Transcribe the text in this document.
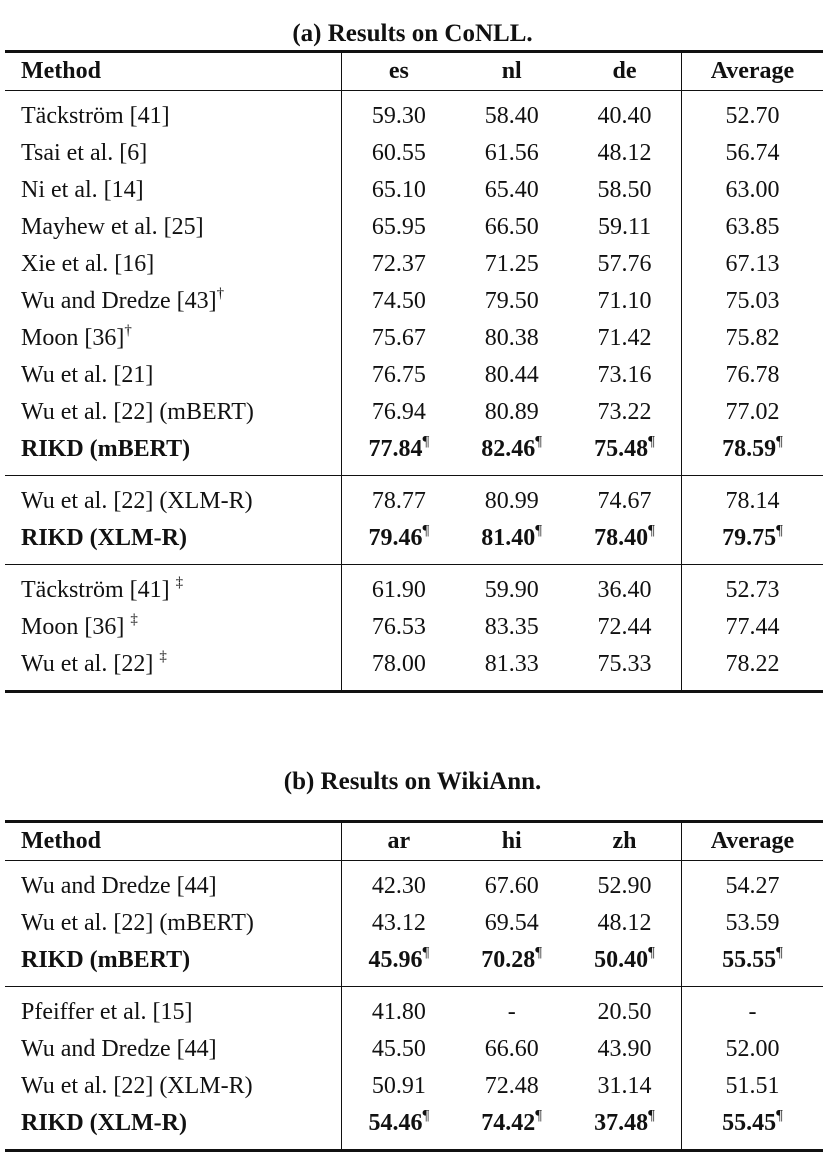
(a) Results on CoNLL.
Method	es	nl	de	Average
Täckström [41]	59.30	58.40	40.40	52.70
Tsai et al. [6]	60.55	61.56	48.12	56.74
Ni et al. [14]	65.10	65.40	58.50	63.00
Mayhew et al. [25]	65.95	66.50	59.11	63.85
Xie et al. [16]	72.37	71.25	57.76	67.13
Wu and Dredze [43]†	74.50	79.50	71.10	75.03
Moon [36]†	75.67	80.38	71.42	75.82
Wu et al. [21]	76.75	80.44	73.16	76.78
Wu et al. [22] (mBERT)	76.94	80.89	73.22	77.02
RIKD (mBERT)	77.84¶	82.46¶	75.48¶	78.59¶
Wu et al. [22] (XLM-R)	78.77	80.99	74.67	78.14
RIKD (XLM-R)	79.46¶	81.40¶	78.40¶	79.75¶
Täckström [41] ‡	61.90	59.90	36.40	52.73
Moon [36] ‡	76.53	83.35	72.44	77.44
Wu et al. [22] ‡	78.00	81.33	75.33	78.22
(b) Results on WikiAnn.
Method	ar	hi	zh	Average
Wu and Dredze [44]	42.30	67.60	52.90	54.27
Wu et al. [22] (mBERT)	43.12	69.54	48.12	53.59
RIKD (mBERT)	45.96¶	70.28¶	50.40¶	55.55¶
Pfeiffer et al. [15]	41.80	-	20.50	-
Wu and Dredze [44]	45.50	66.60	43.90	52.00
Wu et al. [22] (XLM-R)	50.91	72.48	31.14	51.51
RIKD (XLM-R)	54.46¶	74.42¶	37.48¶	55.45¶
